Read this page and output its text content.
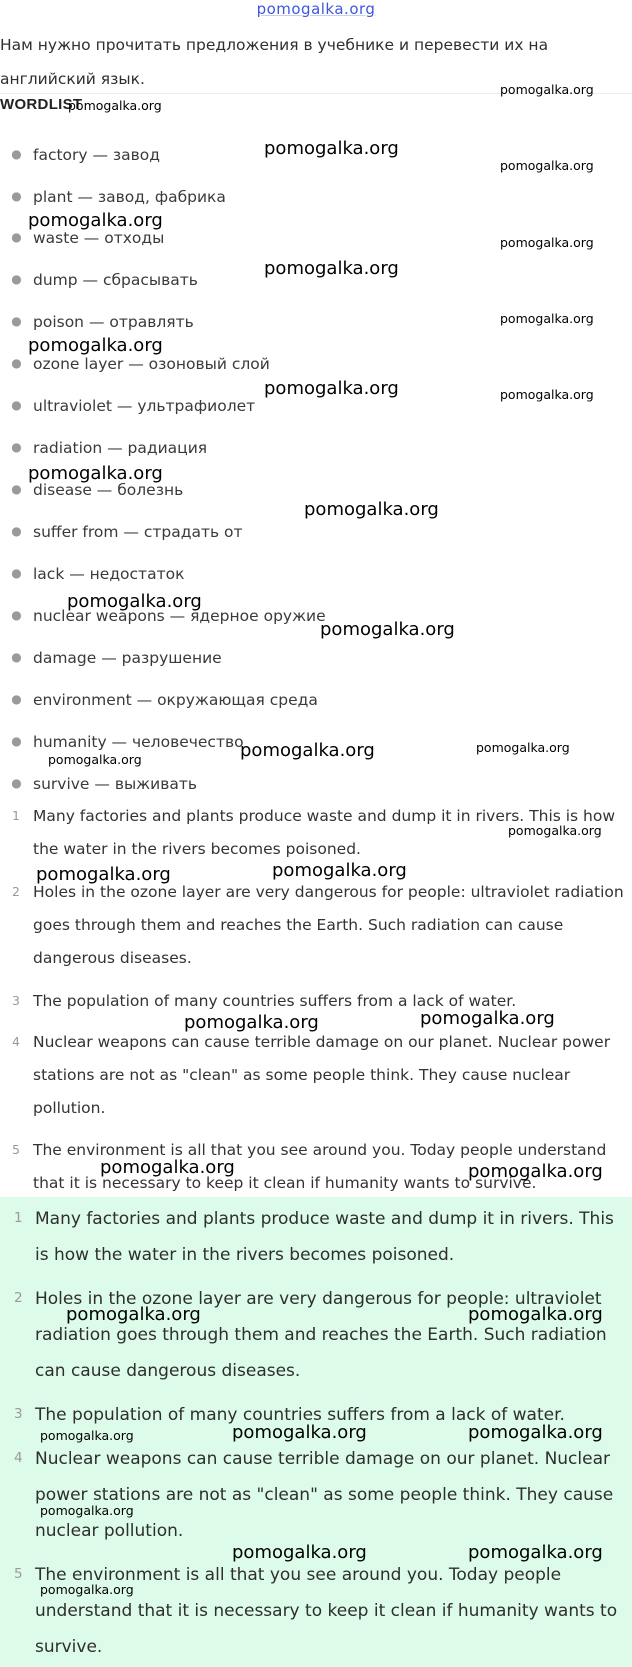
pomogalka.org
Нам нужно прочитать предложения в учебнике и перевести их на английский язык.
WORDLIST
● factory — завод
● plant — завод, фабрика
● waste — отходы
● dump — сбрасывать
● poison — отравлять
● ozone layer — озоновый слой
● ultraviolet — ультрафиолет
● radiation — радиация
● disease — болезнь
● suffer from — страдать от
● lack — недостаток
● nuclear weapons — ядерное оружие
● damage — разрушение
● environment — окружающая среда
● humanity — человечество
● survive — выживать
1 Many factories and plants produce waste and dump it in rivers. This is how the water in the rivers becomes poisoned.
2 Holes in the ozone layer are very dangerous for people: ultraviolet radiation goes through them and reaches the Earth. Such radiation can cause dangerous diseases.
3 The population of many countries suffers from a lack of water.
4 Nuclear weapons can cause terrible damage on our planet. Nuclear power stations are not as "clean" as some people think. They cause nuclear pollution.
5 The environment is all that you see around you. Today people understand that it is necessary to keep it clean if humanity wants to survive.
1 Many factories and plants produce waste and dump it in rivers. This is how the water in the rivers becomes poisoned.
2 Holes in the ozone layer are very dangerous for people: ultraviolet radiation goes through them and reaches the Earth. Such radiation can cause dangerous diseases.
3 The population of many countries suffers from a lack of water.
4 Nuclear weapons can cause terrible damage on our planet. Nuclear power stations are not as "clean" as some people think. They cause nuclear pollution.
5 The environment is all that you see around you. Today people understand that it is necessary to keep it clean if humanity wants to survive.
pomogalka.org
pomogalka.org
pomogalka.org
pomogalka.org
pomogalka.org
pomogalka.org
pomogalka.org
pomogalka.org
pomogalka.org
pomogalka.org	pomogalka.org
pomogalka.org
pomogalka.org
pomogalka.org
pomogalka.org
pomogalka.org
pomogalka.org
pomogalka.org
pomogalka.org
pomogalka.org
pomogalka.org
pomogalka.org
pomogalka.org
pomogalka.org	pomogalka.org
pomogalka.org	pomogalka.org
pomogalka.org	pomogalka.org	pomogalka.org
pomogalka.org
pomogalka.org	pomogalka.org
pomogalka.org
